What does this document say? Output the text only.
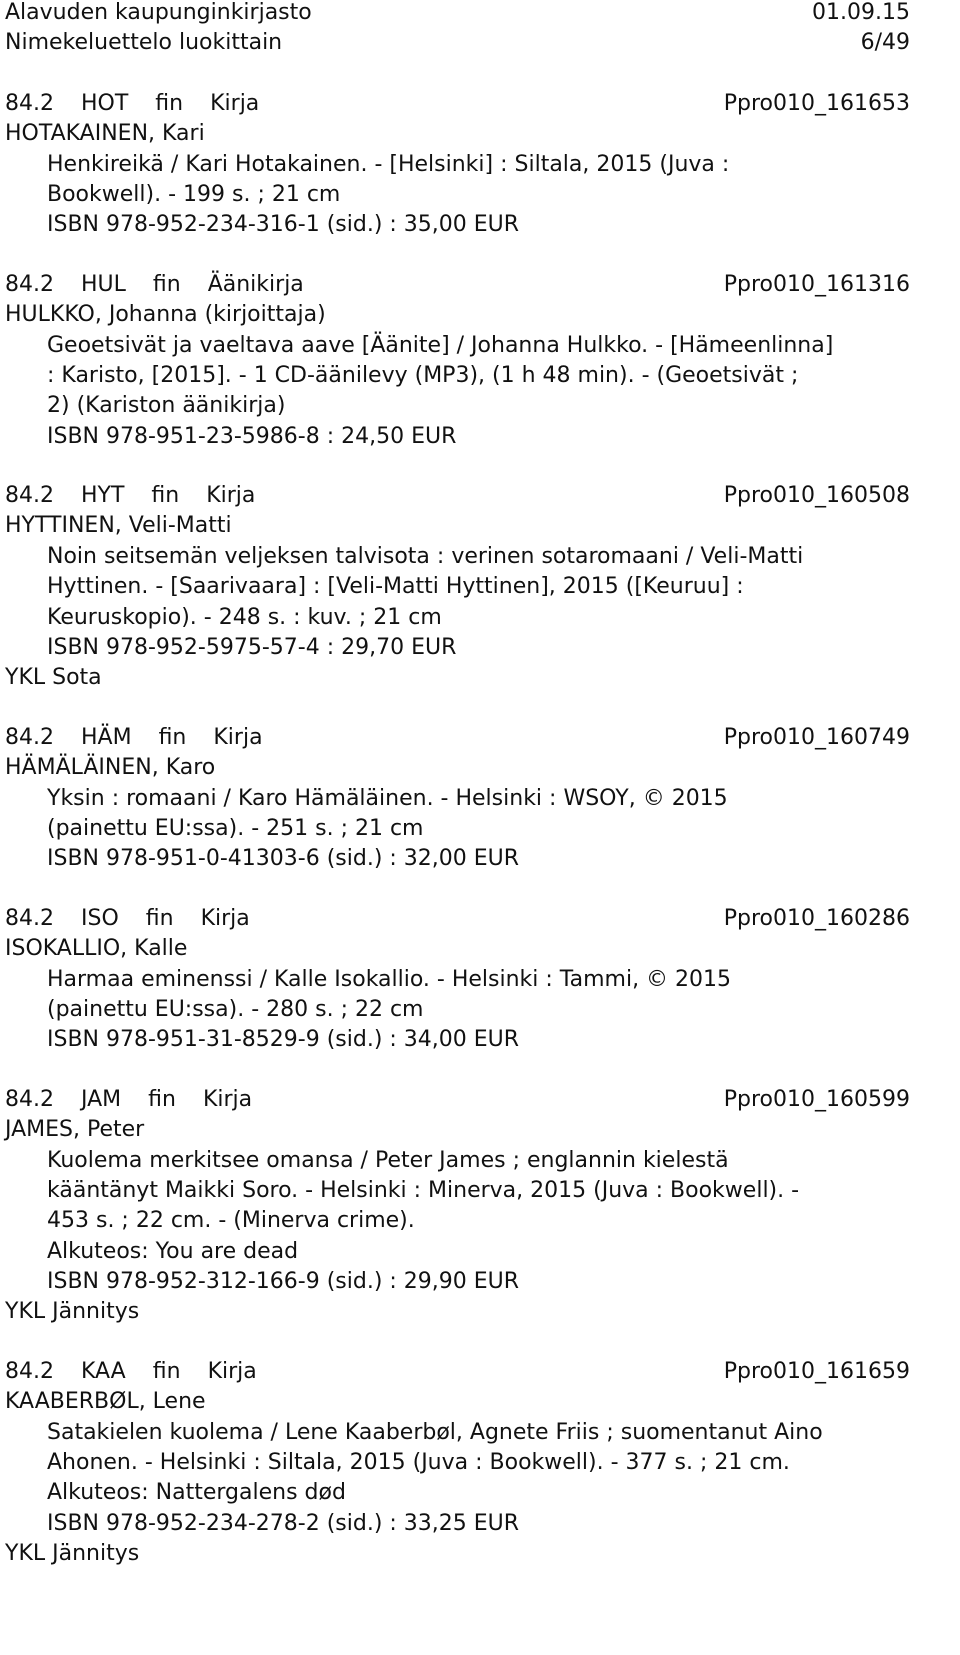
Alavuden kaupunginkirjasto	01.09.15
Nimekeluettelo luokittain	6/49
84.2 HOT fin Kirja	Ppro010_161653
HOTAKAINEN, Kari
Henkireikä / Kari Hotakainen. - [Helsinki] : Siltala, 2015 (Juva :
Bookwell). - 199 s. ; 21 cm
ISBN 978-952-234-316-1 (sid.) : 35,00 EUR
84.2 HUL fin Äänikirja	Ppro010_161316
HULKKO, Johanna (kirjoittaja)
Geoetsivät ja vaeltava aave [Äänite] / Johanna Hulkko. - [Hämeenlinna]
: Karisto, [2015]. - 1 CD-äänilevy (MP3), (1 h 48 min). - (Geoetsivät ;
2) (Kariston äänikirja)
ISBN 978-951-23-5986-8 : 24,50 EUR
84.2 HYT fin Kirja	Ppro010_160508
HYTTINEN, Veli-Matti
Noin seitsemän veljeksen talvisota : verinen sotaromaani / Veli-Matti
Hyttinen. - [Saarivaara] : [Veli-Matti Hyttinen], 2015 ([Keuruu] :
Keuruskopio). - 248 s. : kuv. ; 21 cm
ISBN 978-952-5975-57-4 : 29,70 EUR
YKL Sota
84.2 HÄM fin Kirja	Ppro010_160749
HÄMÄLÄINEN, Karo
Yksin : romaani / Karo Hämäläinen. - Helsinki : WSOY, © 2015
(painettu EU:ssa). - 251 s. ; 21 cm
ISBN 978-951-0-41303-6 (sid.) : 32,00 EUR
84.2 ISO fin Kirja	Ppro010_160286
ISOKALLIO, Kalle
Harmaa eminenssi / Kalle Isokallio. - Helsinki : Tammi, © 2015
(painettu EU:ssa). - 280 s. ; 22 cm
ISBN 978-951-31-8529-9 (sid.) : 34,00 EUR
84.2 JAM fin Kirja	Ppro010_160599
JAMES, Peter
Kuolema merkitsee omansa / Peter James ; englannin kielestä
kääntänyt Maikki Soro. - Helsinki : Minerva, 2015 (Juva : Bookwell). -
453 s. ; 22 cm. - (Minerva crime).
Alkuteos: You are dead
ISBN 978-952-312-166-9 (sid.) : 29,90 EUR
YKL Jännitys
84.2 KAA fin Kirja	Ppro010_161659
KAABERBØL, Lene
Satakielen kuolema / Lene Kaaberbøl, Agnete Friis ; suomentanut Aino
Ahonen. - Helsinki : Siltala, 2015 (Juva : Bookwell). - 377 s. ; 21 cm.
Alkuteos: Nattergalens død
ISBN 978-952-234-278-2 (sid.) : 33,25 EUR
YKL Jännitys
